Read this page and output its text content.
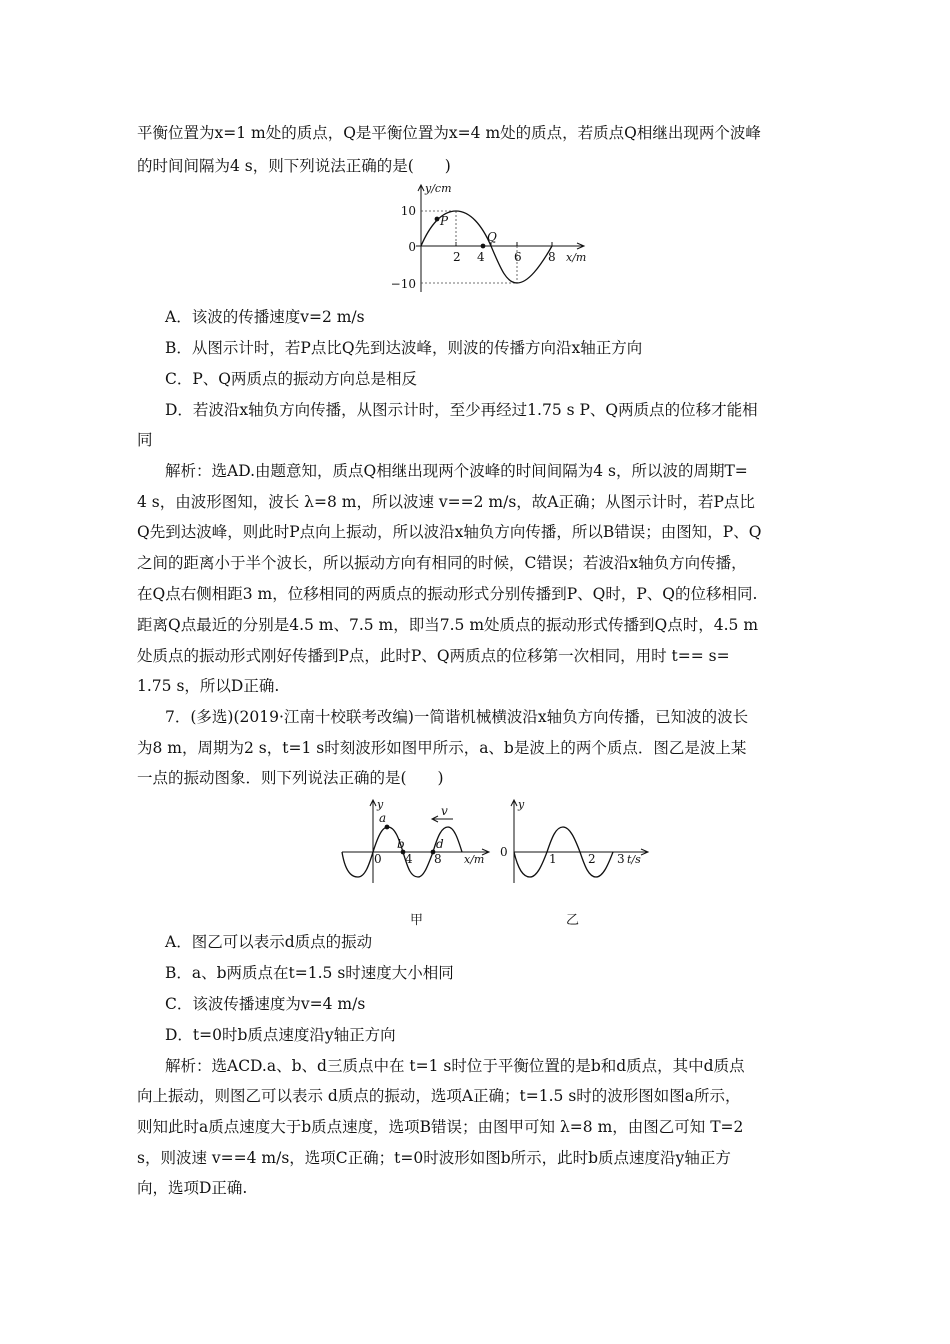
平衡位置为x=1 m处的质点，Q是平衡位置为x=4 m处的质点，若质点Q相继出现两个波峰
的时间间隔为4 s，则下列说法正确的是(　　)
y/cm
10
0
−10
2 4 6 8 x/m
P
Q
A．该波的传播速度v=2 m/s
B．从图示计时，若P点比Q先到达波峰，则波的传播方向沿x轴正方向
C．P、Q两质点的振动方向总是相反
D．若波沿x轴负方向传播，从图示计时，至少再经过1.75 s P、Q两质点的位移才能相
同
解析：选AD.由题意知，质点Q相继出现两个波峰的时间间隔为4 s，所以波的周期T=
4 s，由波形图知，波长 λ=8 m，所以波速 v==2 m/s，故A正确；从图示计时，若P点比
Q先到达波峰，则此时P点向上振动，所以波沿x轴负方向传播，所以B错误；由图知，P、Q
之间的距离小于半个波长，所以振动方向有相同的时候，C错误；若波沿x轴负方向传播，
在Q点右侧相距3 m，位移相同的两质点的振动形式分别传播到P、Q时，P、Q的位移相同.
距离Q点最近的分别是4.5 m、7.5 m，即当7.5 m处质点的振动形式传播到Q点时，4.5 m
处质点的振动形式刚好传播到P点，此时P、Q两质点的位移第一次相同，用时 t== s=
1.75 s，所以D正确.
7．(多选)(2019·江南十校联考改编)一简谐机械横波沿x轴负方向传播，已知波的波长
为8 m，周期为2 s，t=1 s时刻波形如图甲所示，a、b是波上的两个质点．图乙是波上某
一点的振动图象．则下列说法正确的是(　　)
v
y
a
b	d
0 4 8 x/m
y
0	1	2 3 t/s
甲	乙
A．图乙可以表示d质点的振动
B．a、b两质点在t=1.5 s时速度大小相同
C．该波传播速度为v=4 m/s
D．t=0时b质点速度沿y轴正方向
解析：选ACD.a、b、d三质点中在 t=1 s时位于平衡位置的是b和d质点，其中d质点
向上振动，则图乙可以表示 d质点的振动，选项A正确；t=1.5 s时的波形图如图a所示，
则知此时a质点速度大于b质点速度，选项B错误；由图甲可知 λ=8 m，由图乙可知 T=2
s，则波速 v==4 m/s，选项C正确；t=0时波形如图b所示，此时b质点速度沿y轴正方
向，选项D正确.
